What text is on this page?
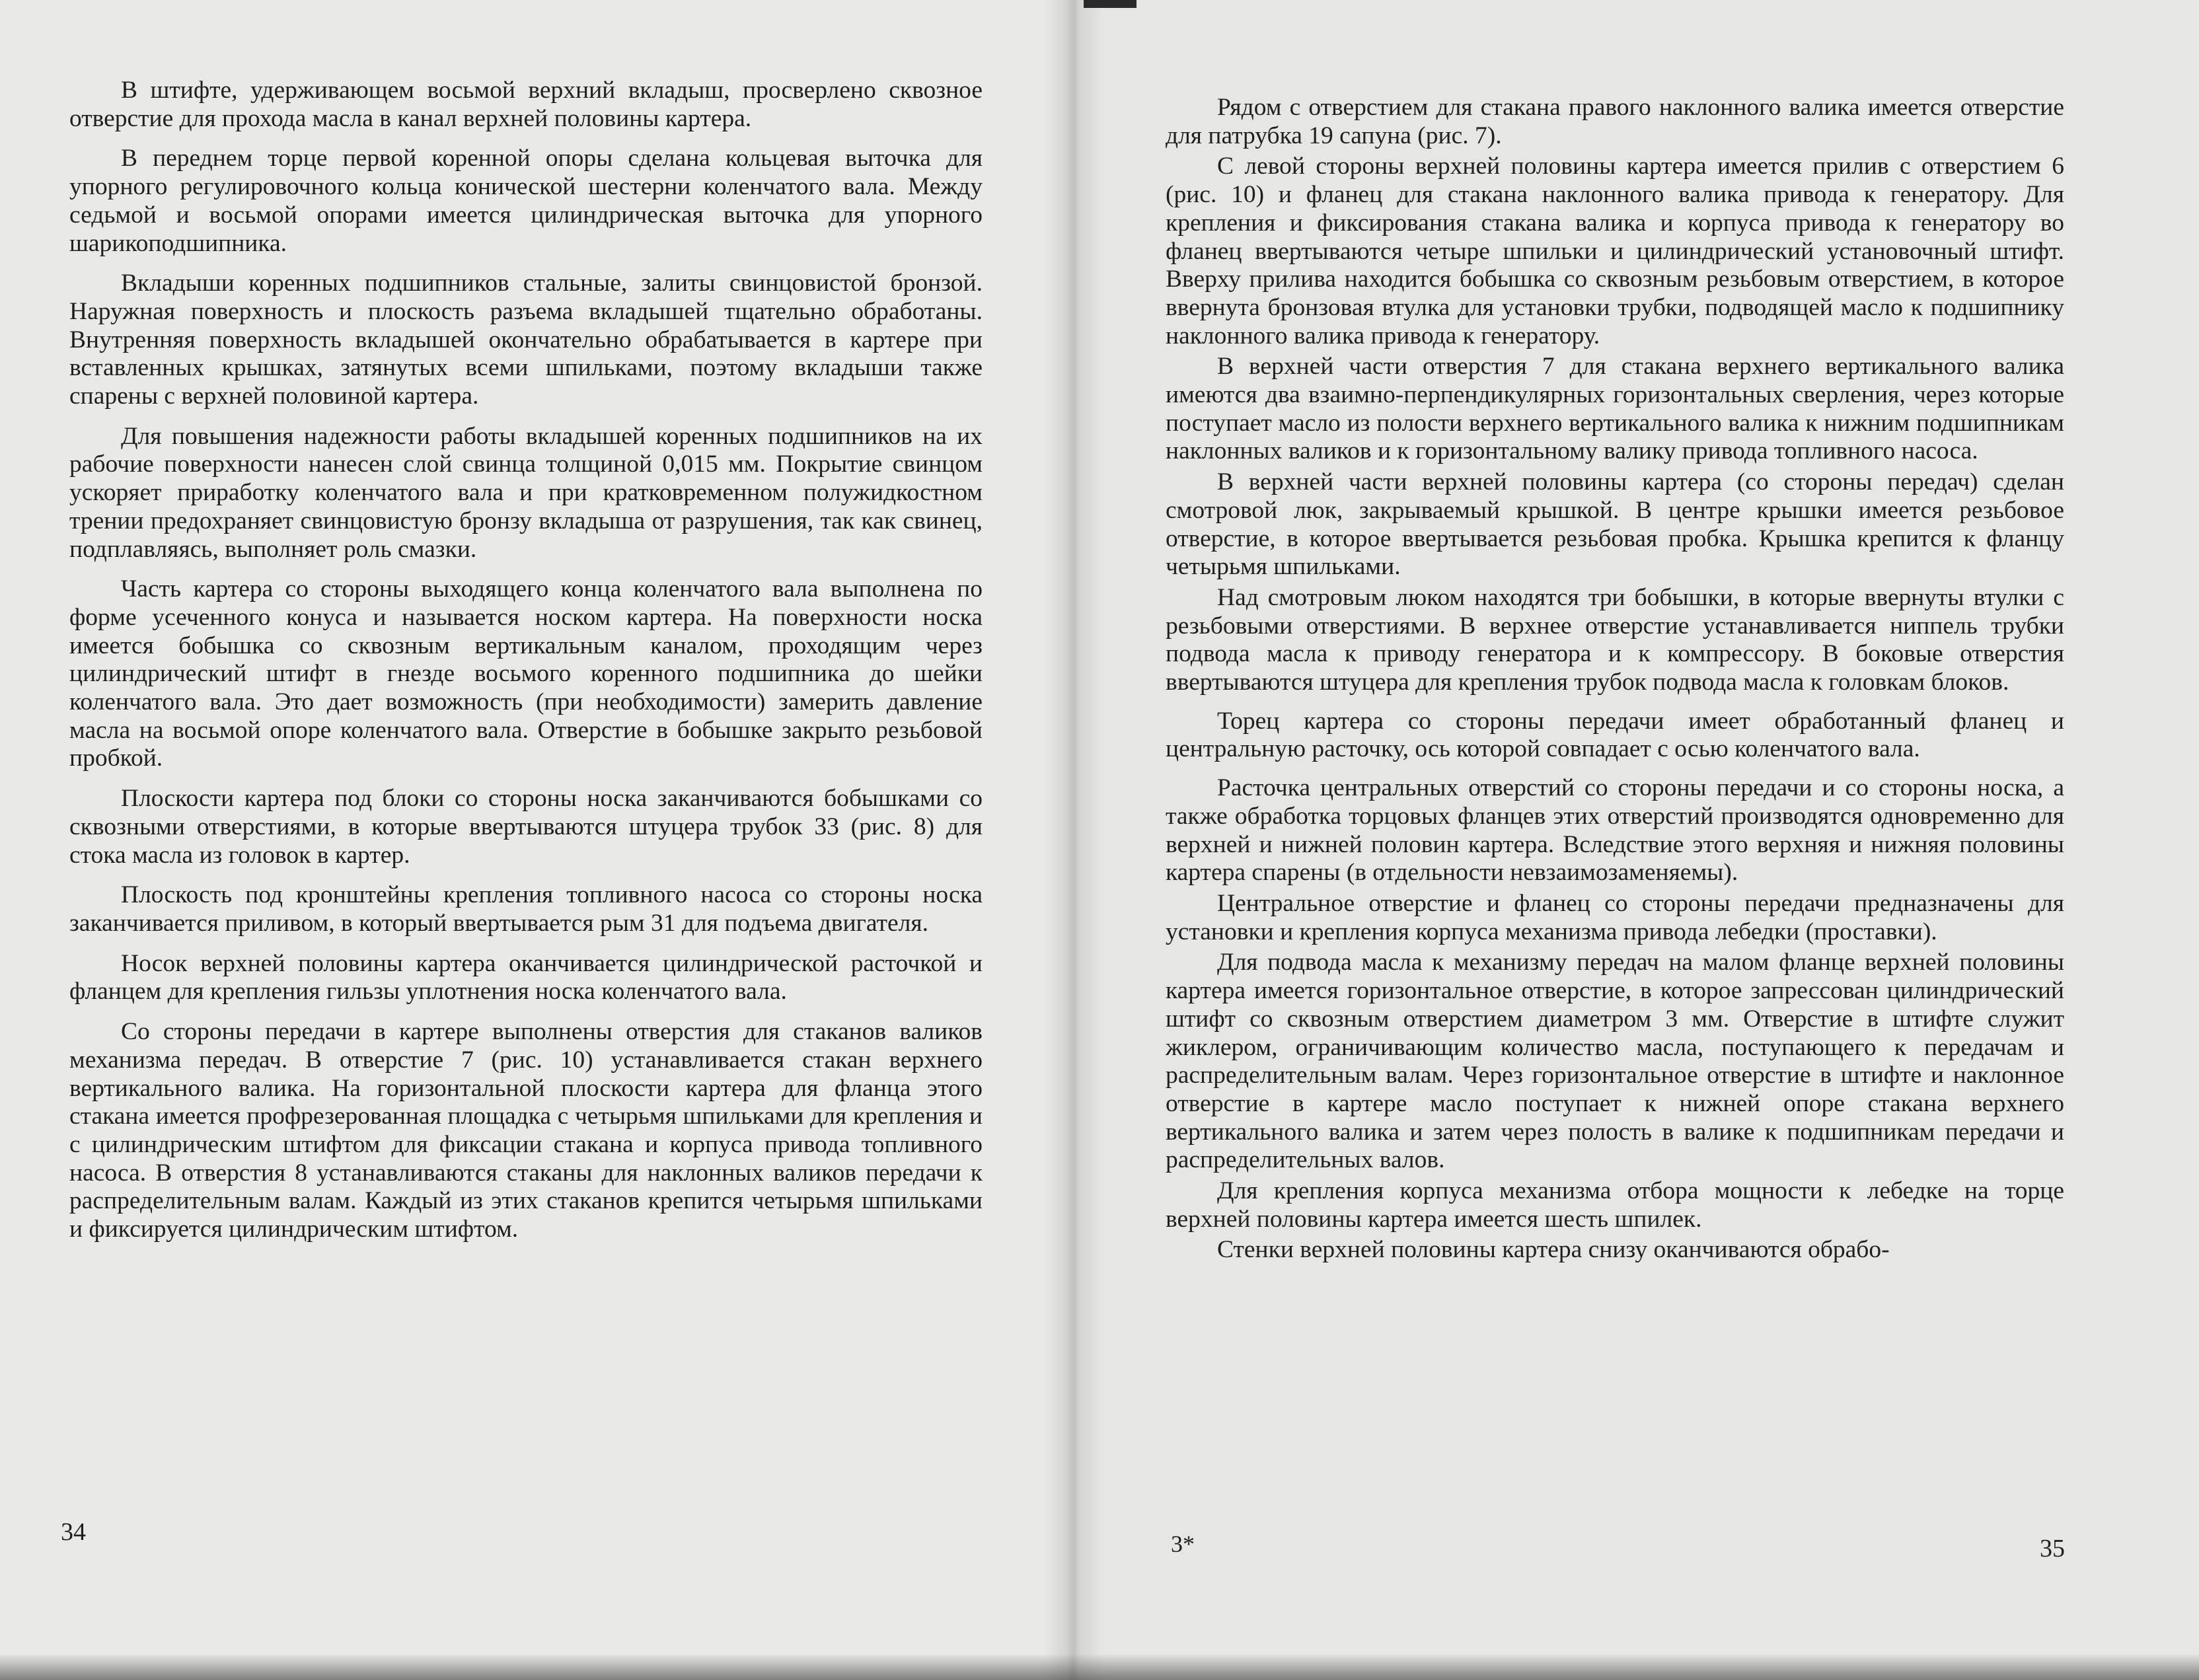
В штифте, удерживающем восьмой верхний вкладыш, просверлено сквозное отверстие для прохода масла в канал верхней половины картера.

В переднем торце первой коренной опоры сделана кольцевая выточка для упорного регулировочного кольца конической шестерни коленчатого вала. Между седьмой и восьмой опорами имеется цилиндрическая выточка для упорного шарикоподшипника.

Вкладыши коренных подшипников стальные, залиты свинцовистой бронзой. Наружная поверхность и плоскость разъема вкладышей тщательно обработаны. Внутренняя поверхность вкладышей окончательно обрабатывается в картере при вставленных крышках, затянутых всеми шпильками, поэтому вкладыши также спарены с верхней половиной картера.

Для повышения надежности работы вкладышей коренных подшипников на их рабочие поверхности нанесен слой свинца толщиной 0,015 мм. Покрытие свинцом ускоряет приработку коленчатого вала и при кратковременном полужидкостном трении предохраняет свинцовистую бронзу вкладыша от разрушения, так как свинец, подплавляясь, выполняет роль смазки.

Часть картера со стороны выходящего конца коленчатого вала выполнена по форме усеченного конуса и называется носком картера. На поверхности носка имеется бобышка со сквозным вертикальным каналом, проходящим через цилиндрический штифт в гнезде восьмого коренного подшипника до шейки коленчатого вала. Это дает возможность (при необходимости) замерить давление масла на восьмой опоре коленчатого вала. Отверстие в бобышке закрыто резьбовой пробкой.

Плоскости картера под блоки со стороны носка заканчиваются бобышками со сквозными отверстиями, в которые ввертываются штуцера трубок 33 (рис. 8) для стока масла из головок в картер.

Плоскость под кронштейны крепления топливного насоса со стороны носка заканчивается приливом, в который ввертывается рым 31 для подъема двигателя.

Носок верхней половины картера оканчивается цилиндрической расточкой и фланцем для крепления гильзы уплотнения носка коленчатого вала.

Со стороны передачи в картере выполнены отверстия для стаканов валиков механизма передач. В отверстие 7 (рис. 10) устанавливается стакан верхнего вертикального валика. На горизонтальной плоскости картера для фланца этого стакана имеется профрезерованная площадка с четырьмя шпильками для крепления и с цилиндрическим штифтом для фиксации стакана и корпуса привода топливного насоса. В отверстия 8 устанавливаются стаканы для наклонных валиков передачи к распределительным валам. Каждый из этих стаканов крепится четырьмя шпильками и фиксируется цилиндрическим штифтом.

34

Рядом с отверстием для стакана правого наклонного валика имеется отверстие для патрубка 19 сапуна (рис. 7).

С левой стороны верхней половины картера имеется прилив с отверстием 6 (рис. 10) и фланец для стакана наклонного валика привода к генератору. Для крепления и фиксирования стакана валика и корпуса привода к генератору во фланец ввертываются четыре шпильки и цилиндрический установочный штифт. Вверху прилива находится бобышка со сквозным резьбовым отверстием, в которое ввернута бронзовая втулка для установки трубки, подводящей масло к подшипнику наклонного валика привода к генератору.

В верхней части отверстия 7 для стакана верхнего вертикального валика имеются два взаимно-перпендикулярных горизонтальных сверления, через которые поступает масло из полости верхнего вертикального валика к нижним подшипникам наклонных валиков и к горизонтальному валику привода топливного насоса.

В верхней части верхней половины картера (со стороны передач) сделан смотровой люк, закрываемый крышкой. В центре крышки имеется резьбовое отверстие, в которое ввертывается резьбовая пробка. Крышка крепится к фланцу четырьмя шпильками.

Над смотровым люком находятся три бобышки, в которые ввернуты втулки с резьбовыми отверстиями. В верхнее отверстие устанавливается ниппель трубки подвода масла к приводу генератора и к компрессору. В боковые отверстия ввертываются штуцера для крепления трубок подвода масла к головкам блоков.

Торец картера со стороны передачи имеет обработанный фланец и центральную расточку, ось которой совпадает с осью коленчатого вала.

Расточка центральных отверстий со стороны передачи и со стороны носка, а также обработка торцовых фланцев этих отверстий производятся одновременно для верхней и нижней половин картера. Вследствие этого верхняя и нижняя половины картера спарены (в отдельности невзаимозаменяемы).

Центральное отверстие и фланец со стороны передачи предназначены для установки и крепления корпуса механизма привода лебедки (проставки).

Для подвода масла к механизму передач на малом фланце верхней половины картера имеется горизонтальное отверстие, в которое запрессован цилиндрический штифт со сквозным отверстием диаметром 3 мм. Отверстие в штифте служит жиклером, ограничивающим количество масла, поступающего к передачам и распределительным валам. Через горизонтальное отверстие в штифте и наклонное отверстие в картере масло поступает к нижней опоре стакана верхнего вертикального валика и затем через полость в валике к подшипникам передачи и распределительных валов.

Для крепления корпуса механизма отбора мощности к лебедке на торце верхней половины картера имеется шесть шпилек.

Стенки верхней половины картера снизу оканчиваются обрабо-

3*	35
